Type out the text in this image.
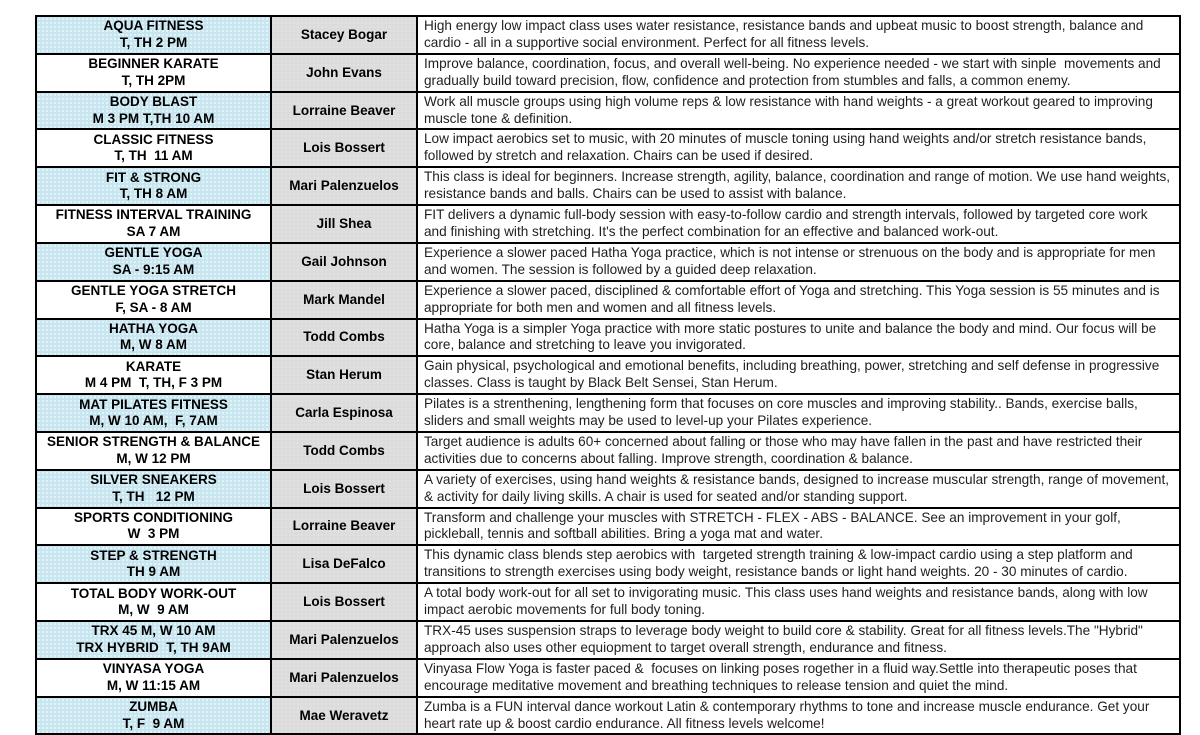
AQUA FITNESS
T, TH 2 PM	Stacey Bogar	High energy low impact class uses water resistance, resistance bands and upbeat music to boost strength, balance and cardio - all in a supportive social environment. Perfect for all fitness levels.

BEGINNER KARATE
T, TH 2PM	John Evans	Improve balance, coordination, focus, and overall well-being. No experience needed - we start with sinple  movements and gradually build toward precision, flow, confidence and protection from stumbles and falls, a common enemy.

BODY BLAST
M 3 PM T,TH 10 AM	Lorraine Beaver	Work all muscle groups using high volume reps & low resistance with hand weights - a great workout geared to improving muscle tone & definition.

CLASSIC FITNESS
T, TH  11 AM	Lois Bossert	Low impact aerobics set to music, with 20 minutes of muscle toning using hand weights and/or stretch resistance bands, followed by stretch and relaxation. Chairs can be used if desired.

FIT & STRONG
T, TH 8 AM	Mari Palenzuelos	This class is ideal for beginners. Increase strength, agility, balance, coordination and range of motion. We use hand weights, resistance bands and balls. Chairs can be used to assist with balance.

FITNESS INTERVAL TRAINING
SA 7 AM	Jill Shea	FIT delivers a dynamic full-body session with easy-to-follow cardio and strength intervals, followed by targeted core work and finishing with stretching. It's the perfect combination for an effective and balanced work-out.

GENTLE YOGA
SA - 9:15 AM	Gail Johnson	Experience a slower paced Hatha Yoga practice, which is not intense or strenuous on the body and is appropriate for men and women. The session is followed by a guided deep relaxation.

GENTLE YOGA STRETCH
F, SA - 8 AM	Mark Mandel	Experience a slower paced, disciplined & comfortable effort of Yoga and stretching. This Yoga session is 55 minutes and is appropriate for both men and women and all fitness levels.

HATHA YOGA
M, W 8 AM	Todd Combs	Hatha Yoga is a simpler Yoga practice with more static postures to unite and balance the body and mind. Our focus will be core, balance and stretching to leave you invigorated.

KARATE
M 4 PM  T, TH, F 3 PM	Stan Herum	Gain physical, psychological and emotional benefits, including breathing, power, stretching and self defense in progressive classes. Class is taught by Black Belt Sensei, Stan Herum.

MAT PILATES FITNESS
M, W 10 AM,  F, 7AM	Carla Espinosa	Pilates is a strenthening, lengthening form that focuses on core muscles and improving stability.. Bands, exercise balls, sliders and small weights may be used to level-up your Pilates experience.

SENIOR STRENGTH & BALANCE
M, W 12 PM	Todd Combs	Target audience is adults 60+ concerned about falling or those who may have fallen in the past and have restricted their activities due to concerns about falling. Improve strength, coordination & balance.

SILVER SNEAKERS
T, TH   12 PM	Lois Bossert	A variety of exercises, using hand weights & resistance bands, designed to increase muscular strength, range of movement, & activity for daily living skills. A chair is used for seated and/or standing support.

SPORTS CONDITIONING
W  3 PM	Lorraine Beaver	Transform and challenge your muscles with STRETCH - FLEX - ABS - BALANCE. See an improvement in your golf, pickleball, tennis and softball abilities. Bring a yoga mat and water.

STEP & STRENGTH
TH 9 AM	Lisa DeFalco	This dynamic class blends step aerobics with  targeted strength training & low-impact cardio using a step platform and transitions to strength exercises using body weight, resistance bands or light hand weights. 20 - 30 minutes of cardio.

TOTAL BODY WORK-OUT
M, W  9 AM	Lois Bossert	A total body work-out for all set to invigorating music. This class uses hand weights and resistance bands, along with low impact aerobic movements for full body toning.

TRX 45 M, W 10 AM
TRX HYBRID  T, TH 9AM	Mari Palenzuelos	TRX-45 uses suspension straps to leverage body weight to build core & stability. Great for all fitness levels.The "Hybrid" approach also uses other equiopment to target overall strength, endurance and fitness.

VINYASA YOGA
M, W 11:15 AM	Mari Palenzuelos	Vinyasa Flow Yoga is faster paced &  focuses on linking poses rogether in a fluid way.Settle into therapeutic poses that encourage meditative movement and breathing techniques to release tension and quiet the mind.

ZUMBA
T, F  9 AM	Mae Weravetz	Zumba is a FUN interval dance workout Latin & contemporary rhythms to tone and increase muscle endurance. Get your heart rate up & boost cardio endurance. All fitness levels welcome!
